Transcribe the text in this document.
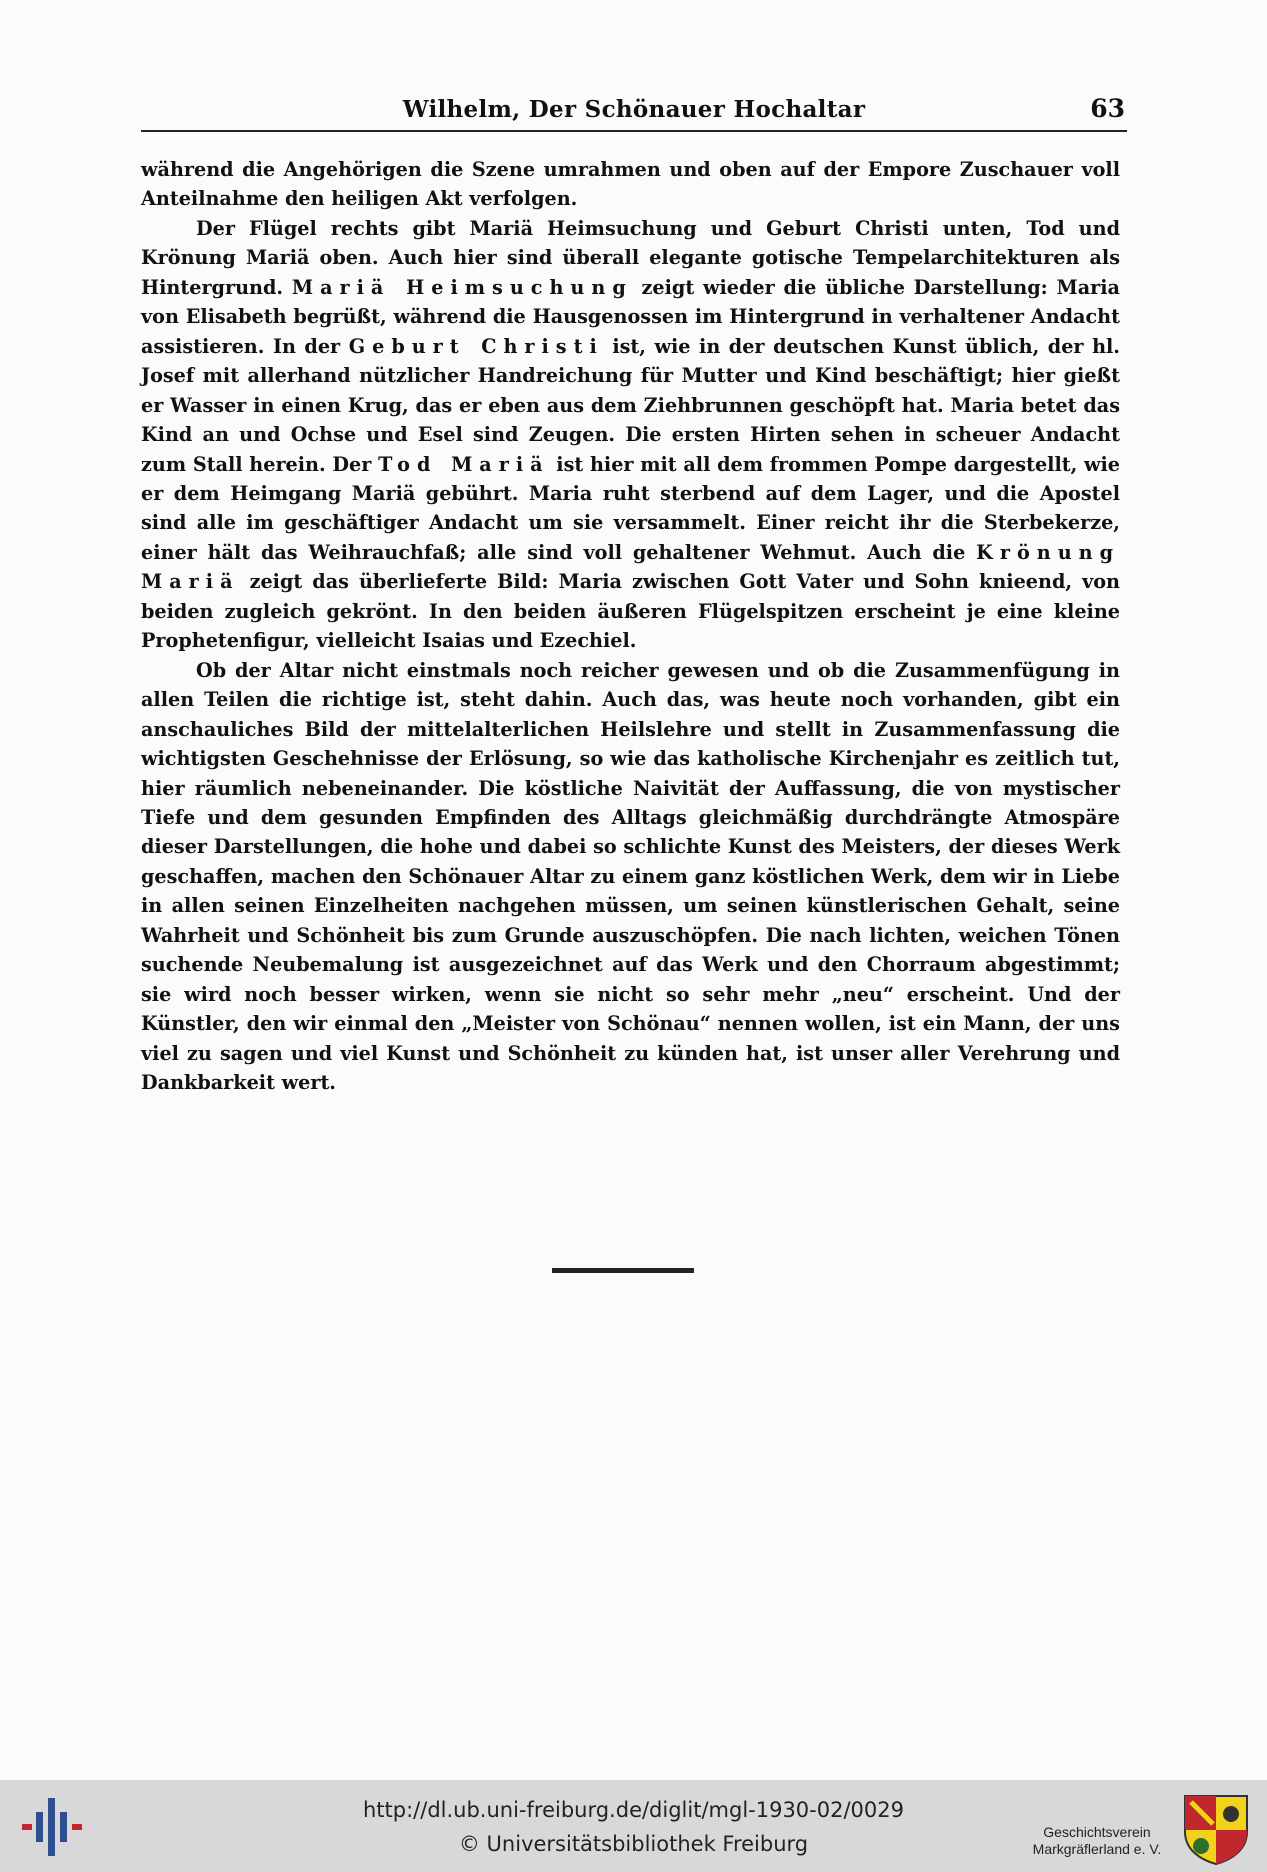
Wilhelm, Der Schönauer Hochaltar	63

während die Angehörigen die Szene umrahmen und oben auf der Empore Zuschauer voll Anteilnahme den heiligen Akt verfolgen.

Der Flügel rechts gibt Mariä Heimsuchung und Geburt Christi unten, Tod und Krönung Mariä oben. Auch hier sind überall elegante gotische Tempelarchitekturen als Hintergrund. Mariä Heimsuchung zeigt wieder die übliche Darstellung: Maria von Elisabeth begrüßt, während die Hausgenossen im Hintergrund in verhaltener Andacht assistieren. In der Geburt Christi ist, wie in der deutschen Kunst üblich, der hl. Josef mit allerhand nützlicher Handreichung für Mutter und Kind beschäftigt; hier gießt er Wasser in einen Krug, das er eben aus dem Ziehbrunnen geschöpft hat. Maria betet das Kind an und Ochse und Esel sind Zeugen. Die ersten Hirten sehen in scheuer Andacht zum Stall herein. Der Tod Mariä ist hier mit all dem frommen Pompe dargestellt, wie er dem Heimgang Mariä gebührt. Maria ruht sterbend auf dem Lager, und die Apostel sind alle im geschäftiger Andacht um sie versammelt. Einer reicht ihr die Sterbekerze, einer hält das Weihrauchfaß; alle sind voll gehaltener Wehmut. Auch die Krönung Mariä zeigt das überlieferte Bild: Maria zwischen Gott Vater und Sohn knieend, von beiden zugleich gekrönt. In den beiden äußeren Flügelspitzen erscheint je eine kleine Prophetenfigur, vielleicht Isaias und Ezechiel.

Ob der Altar nicht einstmals noch reicher gewesen und ob die Zusammenfügung in allen Teilen die richtige ist, steht dahin. Auch das, was heute noch vorhanden, gibt ein anschauliches Bild der mittelalterlichen Heilslehre und stellt in Zusammenfassung die wichtigsten Geschehnisse der Erlösung, so wie das katholische Kirchenjahr es zeitlich tut, hier räumlich nebeneinander. Die köstliche Naivität der Auffassung, die von mystischer Tiefe und dem gesunden Empfinden des Alltags gleichmäßig durchdrängte Atmospäre dieser Darstellungen, die hohe und dabei so schlichte Kunst des Meisters, der dieses Werk geschaffen, machen den Schönauer Altar zu einem ganz köstlichen Werk, dem wir in Liebe in allen seinen Einzelheiten nachgehen müssen, um seinen künstlerischen Gehalt, seine Wahrheit und Schönheit bis zum Grunde auszuschöpfen. Die nach lichten, weichen Tönen suchende Neubemalung ist ausgezeichnet auf das Werk und den Chorraum abgestimmt; sie wird noch besser wirken, wenn sie nicht so sehr mehr „neu“ erscheint. Und der Künstler, den wir einmal den „Meister von Schönau“ nennen wollen, ist ein Mann, der uns viel zu sagen und viel Kunst und Schönheit zu künden hat, ist unser aller Verehrung und Dankbarkeit wert.

http://dl.ub.uni-freiburg.de/diglit/mgl-1930-02/0029
© Universitätsbibliothek Freiburg	Geschichtsverein
Markgräflerland e. V.
